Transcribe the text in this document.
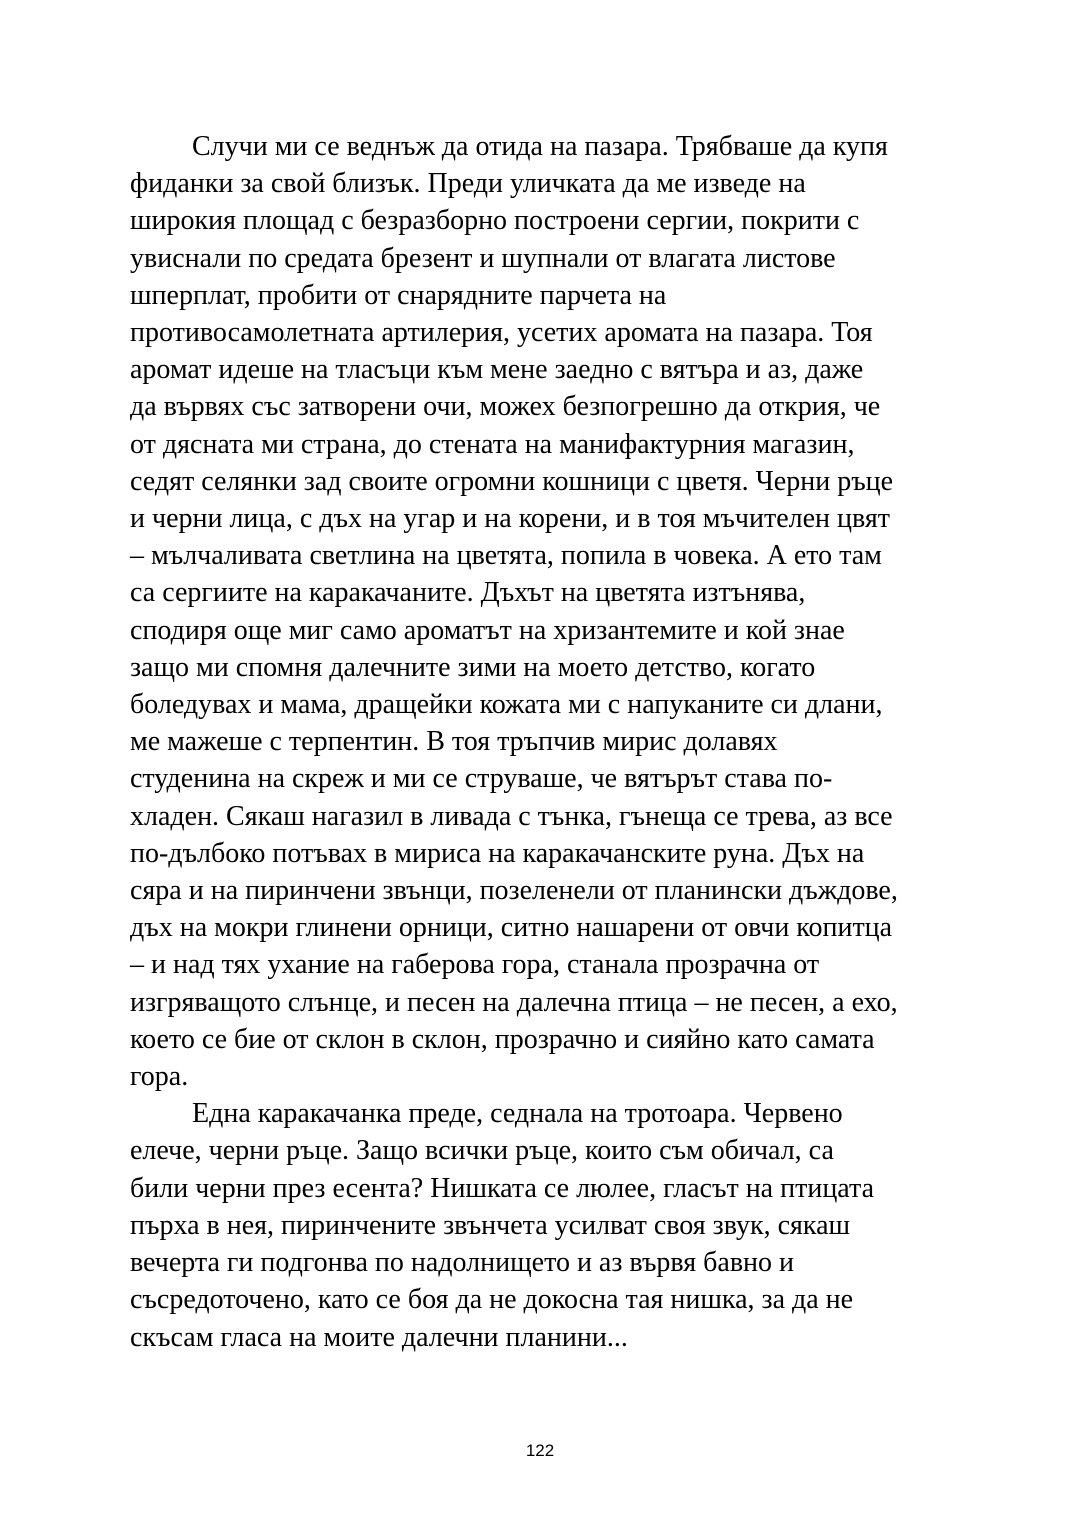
Случи ми се веднъж да отида на пазара. Трябваше да купя
фиданки за свой близък. Преди уличката да ме изведе на
широкия площад с безразборно построени сергии, покрити с
увиснали по средата брезент и шупнали от влагата листове
шперплат, пробити от снарядните парчета на
противосамолетната артилерия, усетих аромата на пазара. Тоя
аромат идеше на тласъци към мене заедно с вятъра и аз, даже
да вървях със затворени очи, можех безпогрешно да открия, че
от дясната ми страна, до стената на манифактурния магазин,
седят селянки зад своите огромни кошници с цветя. Черни ръце
и черни лица, с дъх на угар и на корени, и в тоя мъчителен цвят
– мълчаливата светлина на цветята, попила в човека. А ето там
са сергиите на каракачаните. Дъхът на цветята изтънява,
сподиря още миг само ароматът на хризантемите и кой знае
защо ми спомня далечните зими на моето детство, когато
боледувах и мама, дращейки кожата ми с напуканите си длани,
ме мажеше с терпентин. В тоя тръпчив мирис долавях
студенина на скреж и ми се струваше, че вятърът става по-
хладен. Сякаш нагазил в ливада с тънка, гънеща се трева, аз все
по-дълбоко потъвах в мириса на каракачанските руна. Дъх на
сяра и на пиринчени звънци, позеленели от планински дъждове,
дъх на мокри глинени орници, ситно нашарени от овчи копитца
– и над тях ухание на габерова гора, станала прозрачна от
изгряващото слънце, и песен на далечна птица – не песен, а ехо,
което се бие от склон в склон, прозрачно и сияйно като самата
гора.
Една каракачанка преде, седнала на тротоара. Червено
елече, черни ръце. Защо всички ръце, които съм обичал, са
били черни през есента? Нишката се люлее, гласът на птицата
пърха в нея, пиринчените звънчета усилват своя звук, сякаш
вечерта ги подгонва по надолнището и аз вървя бавно и
съсредоточено, като се боя да не докосна тая нишка, за да не
скъсам гласа на моите далечни планини...
122
